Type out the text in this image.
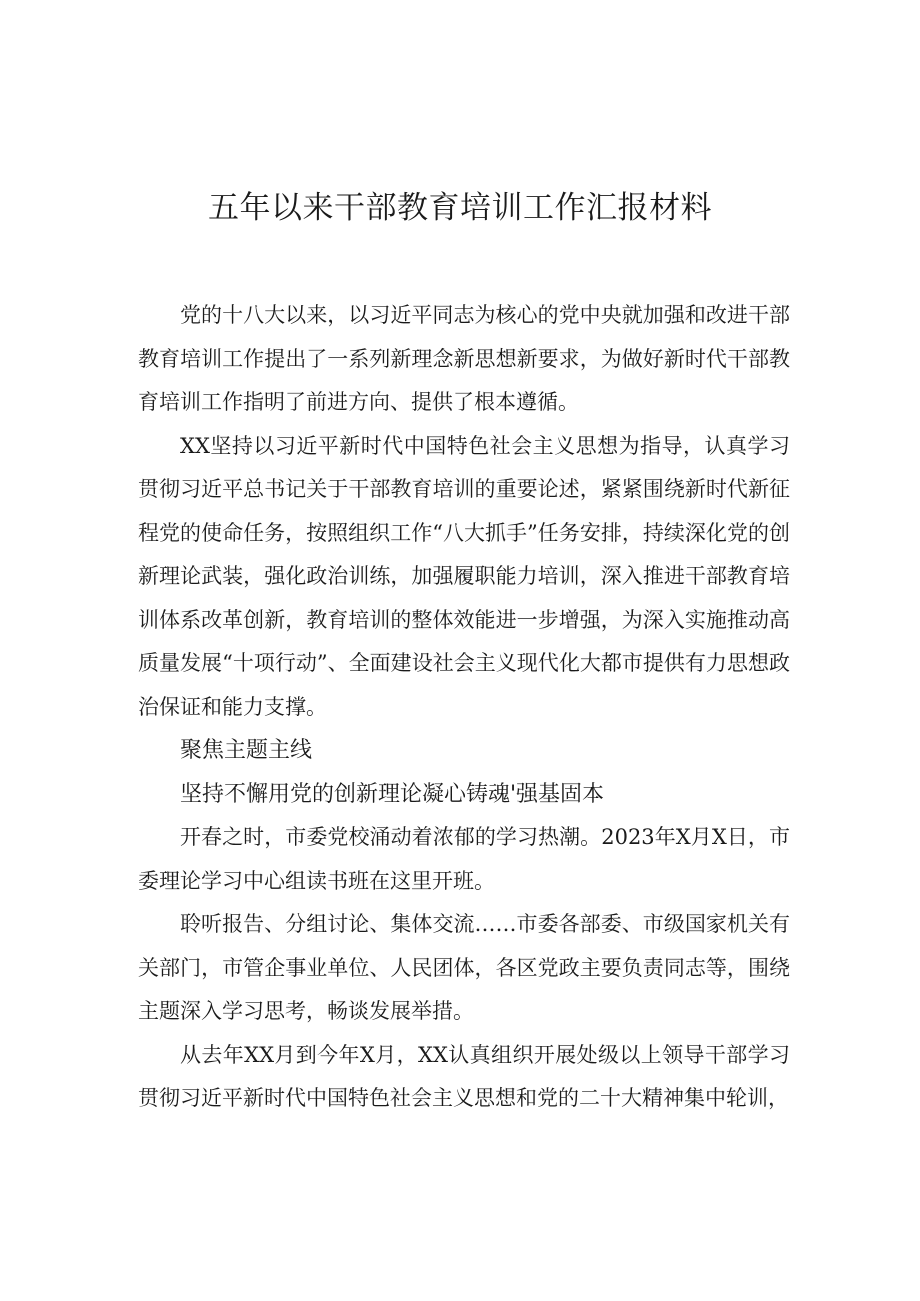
五年以来干部教育培训工作汇报材料

党的十八大以来，以习近平同志为核心的党中央就加强和改进干部教育培训工作提出了一系列新理念新思想新要求，为做好新时代干部教育培训工作指明了前进方向、提供了根本遵循。

XX坚持以习近平新时代中国特色社会主义思想为指导，认真学习贯彻习近平总书记关于干部教育培训的重要论述，紧紧围绕新时代新征程党的使命任务，按照组织工作“八大抓手”任务安排，持续深化党的创新理论武装，强化政治训练，加强履职能力培训，深入推进干部教育培训体系改革创新，教育培训的整体效能进一步增强，为深入实施推动高质量发展“十项行动”、全面建设社会主义现代化大都市提供有力思想政治保证和能力支撑。

聚焦主题主线

坚持不懈用党的创新理论凝心铸魂'强基固本

开春之时，市委党校涌动着浓郁的学习热潮。2023年X月X日，市委理论学习中心组读书班在这里开班。

聆听报告、分组讨论、集体交流……市委各部委、市级国家机关有关部门，市管企事业单位、人民团体，各区党政主要负责同志等，围绕主题深入学习思考，畅谈发展举措。

从去年XX月到今年X月，XX认真组织开展处级以上领导干部学习贯彻习近平新时代中国特色社会主义思想和党的二十大精神集中轮训，
